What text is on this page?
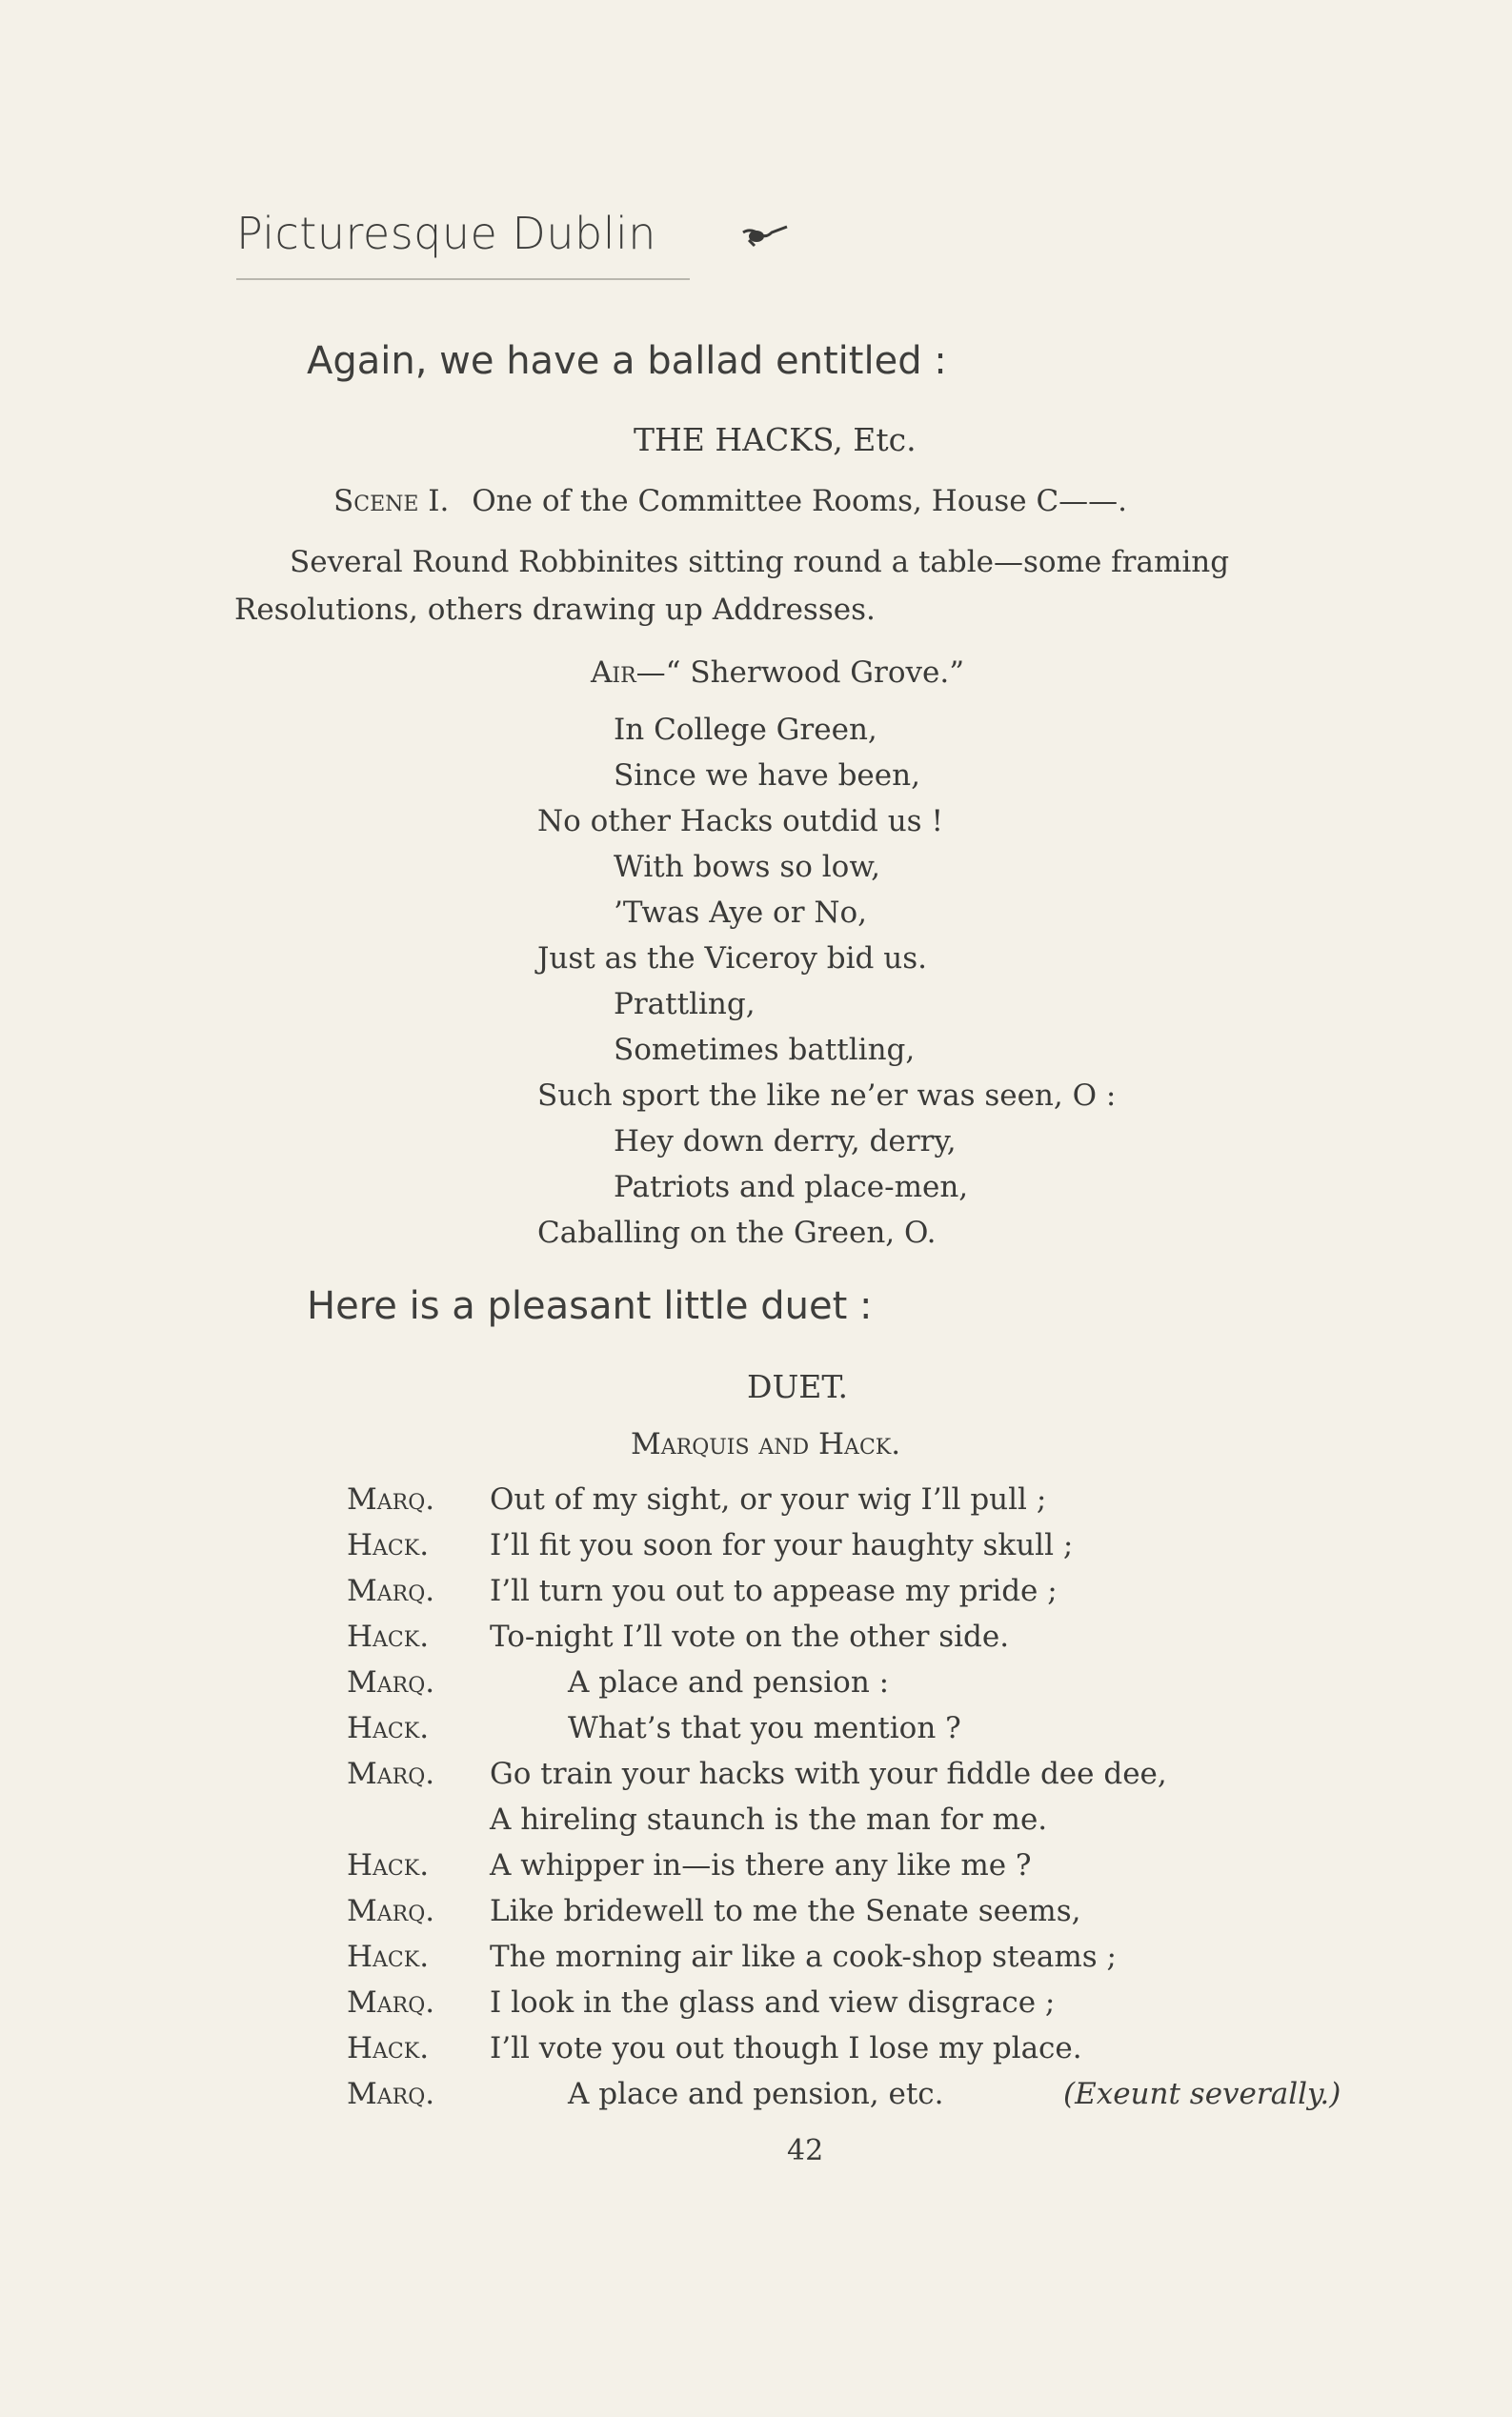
Picturesque Dublin
Again, we have a ballad entitled :
THE HACKS, Etc.
Scene I. One of the Committee Rooms, House C——.
Several Round Robbinites sitting round a table—some framing
Resolutions, others drawing up Addresses.
Air—“ Sherwood Grove.”
In College Green,
Since we have been,
No other Hacks outdid us !
With bows so low,
’Twas Aye or No,
Just as the Viceroy bid us.
Prattling,
Sometimes battling,
Such sport the like ne’er was seen, O :
Hey down derry, derry,
Patriots and place-men,
Caballing on the Green, O.
Here is a pleasant little duet :
DUET.
Marquis and Hack.
Marq. Out of my sight, or your wig I’ll pull ;
Hack. I’ll fit you soon for your haughty skull ;
Marq. I’ll turn you out to appease my pride ;
Hack. To-night I’ll vote on the other side.
Marq.	A place and pension :
Hack.	What’s that you mention ?
Marq. Go train your hacks with your fiddle dee dee,
A hireling staunch is the man for me.
Hack. A whipper in—is there any like me ?
Marq. Like bridewell to me the Senate seems,
Hack. The morning air like a cook-shop steams ;
Marq. I look in the glass and view disgrace ;
Hack. I’ll vote you out though I lose my place.
Marq.	A place and pension, etc.	(Exeunt severally.)
42
